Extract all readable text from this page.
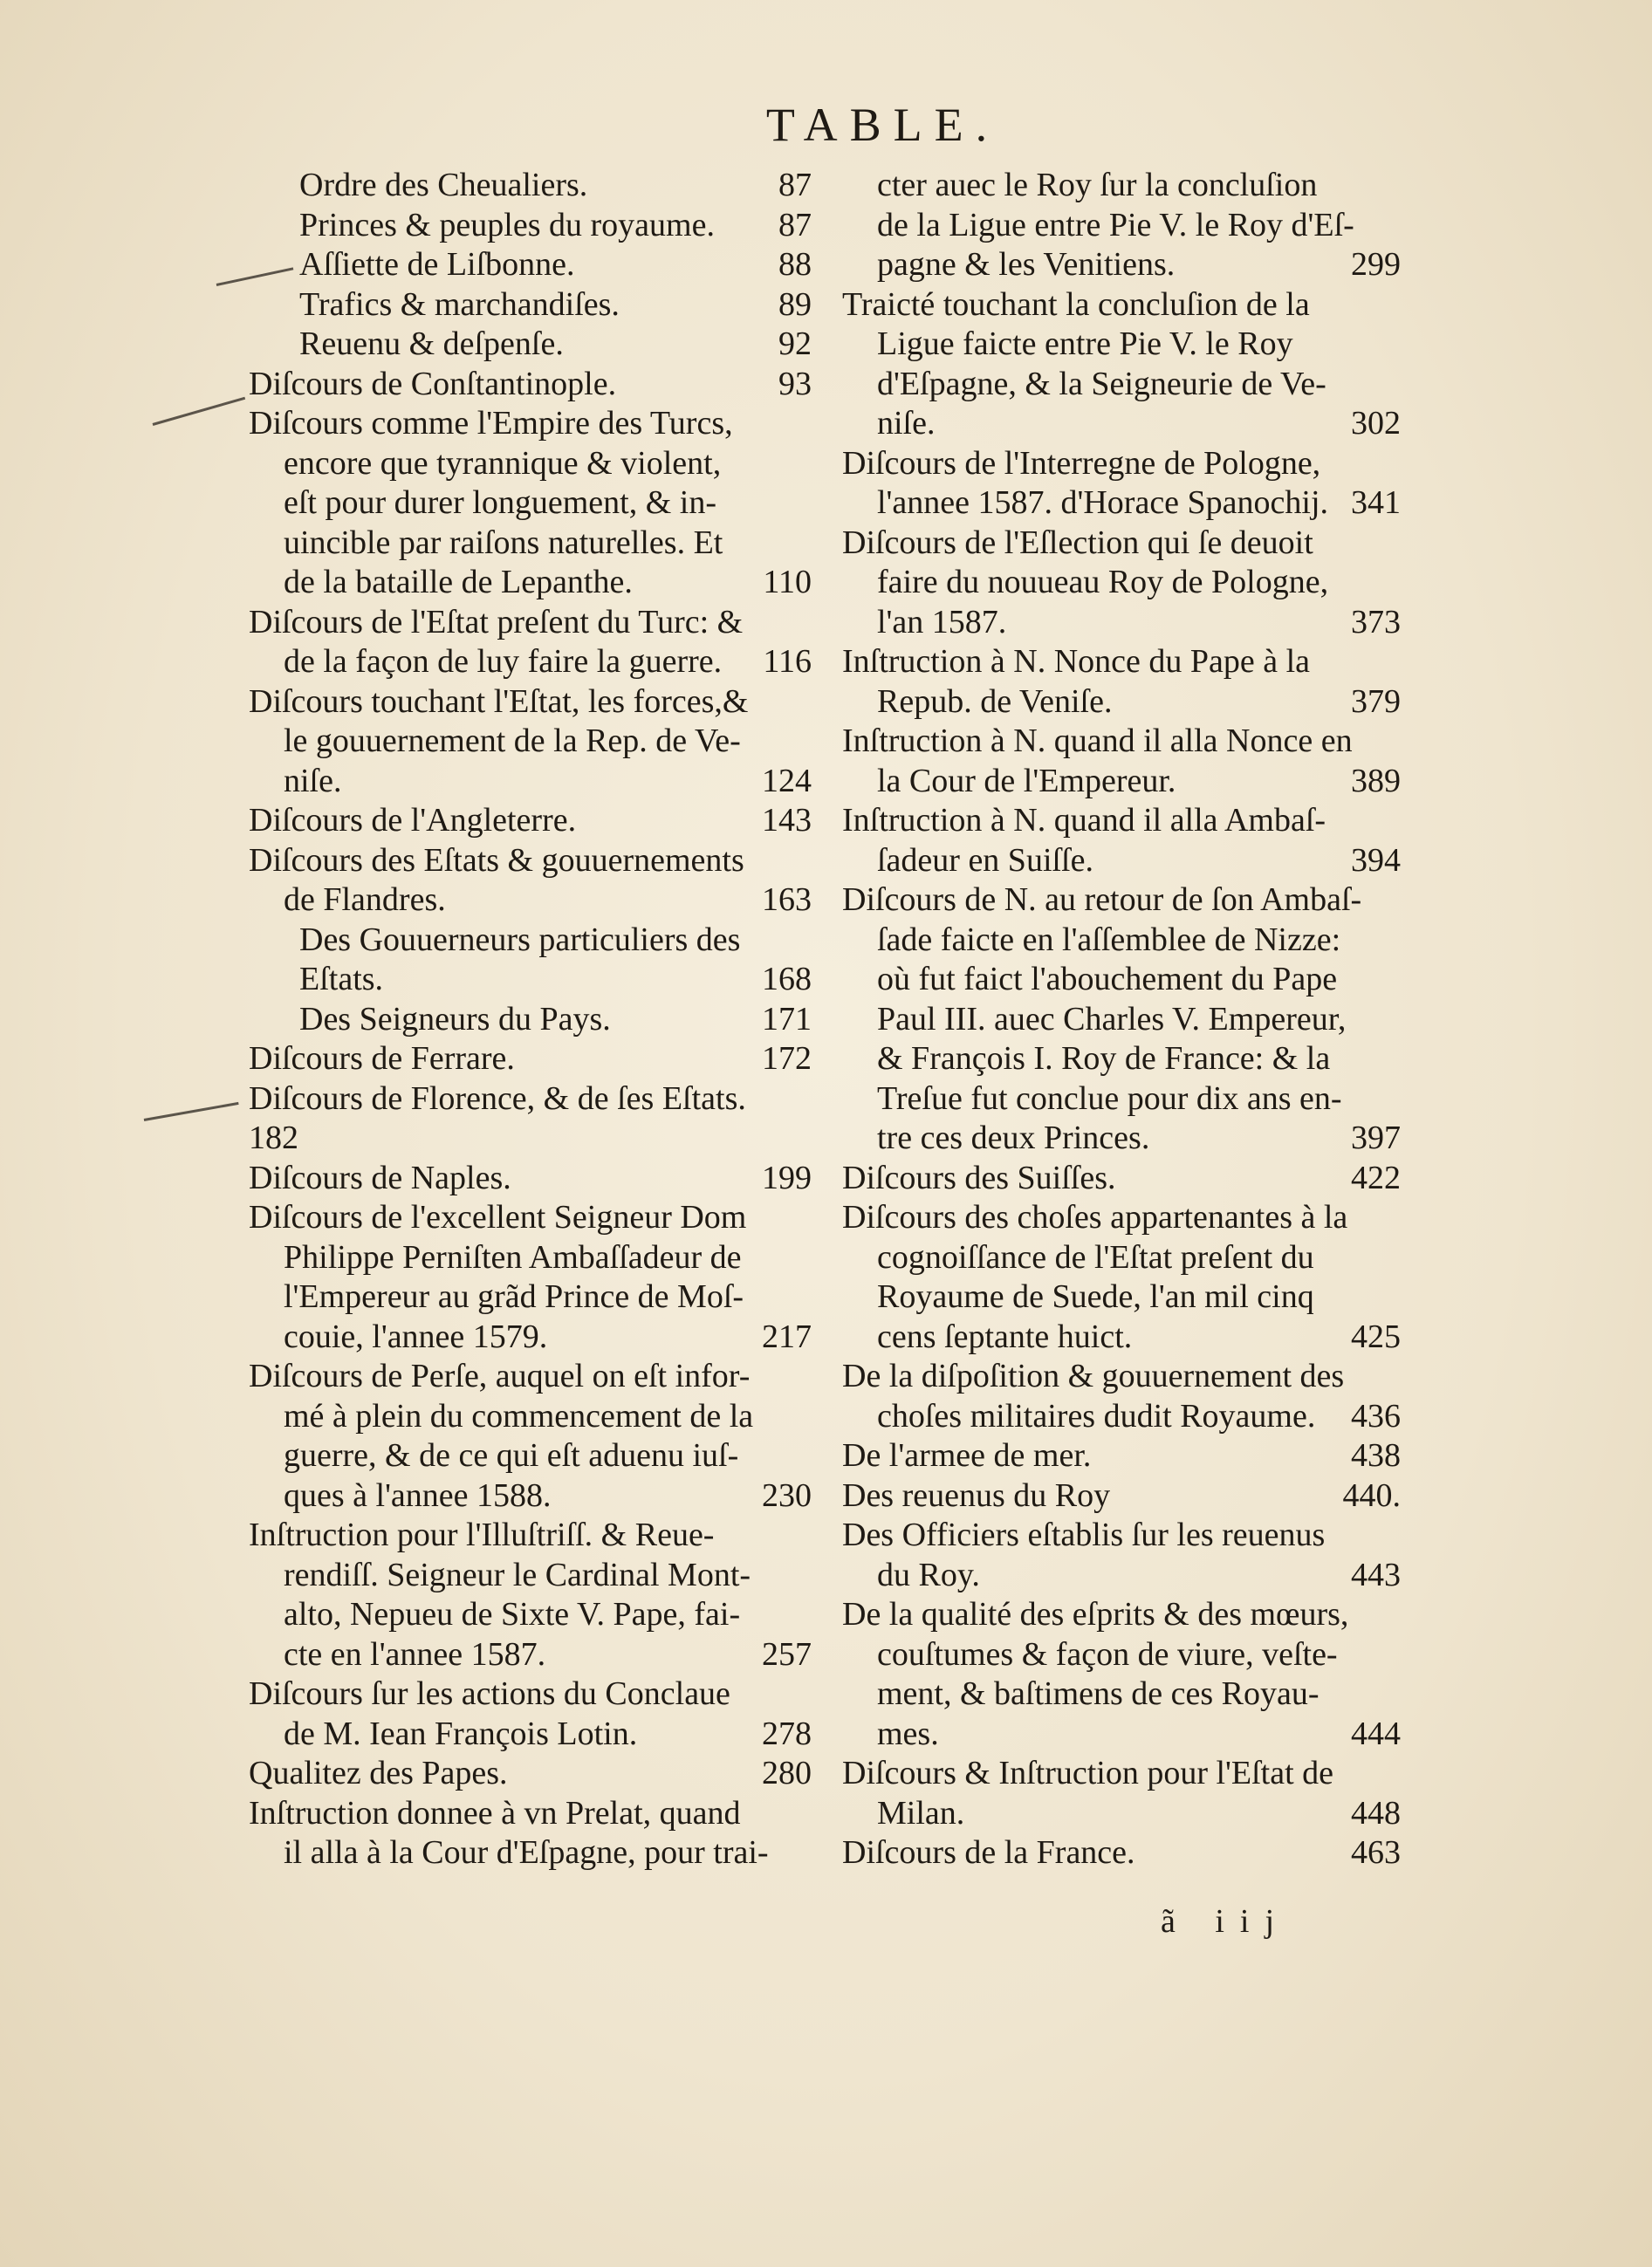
TABLE.
Ordre des Cheualiers.	87
Princes & peuples du royaume.	87
Aſſiette de Liſbonne.	88
Trafics & marchandiſes.	89
Reuenu & deſpenſe.	92
Diſcours de Conſtantinople.	93
Diſcours comme l'Empire des Turcs,
encore que tyrannique & violent,
eſt pour durer longuement, & in-
uincible par raiſons naturelles. Et
de la bataille de Lepanthe.	110
Diſcours de l'Eſtat preſent du Turc: &
de la façon de luy faire la guerre.	116
Diſcours touchant l'Eſtat, les forces,&
le gouuernement de la Rep. de Ve-
niſe.	124
Diſcours de l'Angleterre.	143
Diſcours des Eſtats & gouuernements
de Flandres.	163
Des Gouuerneurs particuliers des
Eſtats.	168
Des Seigneurs du Pays.	171
Diſcours de Ferrare.	172
Diſcours de Florence, & de ſes Eſtats.
182
Diſcours de Naples.	199
Diſcours de l'excellent Seigneur Dom
Philippe Perniſten Ambaſſadeur de
l'Empereur au grãd Prince de Moſ-
couie, l'annee 1579.	217
Diſcours de Perſe, auquel on eſt infor-
mé à plein du commencement de la
guerre, & de ce qui eſt aduenu iuſ-
ques à l'annee 1588.	230
Inſtruction pour l'Illuſtriſſ. & Reue-
rendiſſ. Seigneur le Cardinal Mont-
alto, Nepueu de Sixte V. Pape, fai-
cte en l'annee 1587.	257
Diſcours ſur les actions du Conclaue
de M. Iean François Lotin.	278
Qualitez des Papes.	280
Inſtruction donnee à vn Prelat, quand
il alla à la Cour d'Eſpagne, pour trai-
cter auec le Roy ſur la concluſion
de la Ligue entre Pie V. le Roy d'Eſ-
pagne & les Venitiens.	299
Traicté touchant la concluſion de la
Ligue faicte entre Pie V. le Roy
d'Eſpagne, & la Seigneurie de Ve-
niſe.	302
Diſcours de l'Interregne de Pologne,
l'annee 1587. d'Horace Spanochij. 341
Diſcours de l'Eſlection qui ſe deuoit
faire du nouueau Roy de Pologne,
l'an 1587.	373
Inſtruction à N. Nonce du Pape à la
Repub. de Veniſe.	379
Inſtruction à N. quand il alla Nonce en
la Cour de l'Empereur.	389
Inſtruction à N. quand il alla Ambaſ-
ſadeur en Suiſſe.	394
Diſcours de N. au retour de ſon Ambaſ-
ſade faicte en l'aſſemblee de Nizze:
où fut faict l'abouchement du Pape
Paul III. auec Charles V. Empereur,
& François I. Roy de France: & la
Treſue fut conclue pour dix ans en-
tre ces deux Princes.	397
Diſcours des Suiſſes.	422
Diſcours des choſes appartenantes à la
cognoiſſance de l'Eſtat preſent du
Royaume de Suede, l'an mil cinq
cens ſeptante huict.	425
De la diſpoſition & gouuernement des
choſes militaires dudit Royaume.	436
De l'armee de mer.	438
Des reuenus du Roy	440.
Des Officiers eſtablis ſur les reuenus
du Roy.	443
De la qualité des eſprits & des mœurs,
couſtumes & façon de viure, veſte-
ment, & baſtimens de ces Royau-
mes.	444
Diſcours & Inſtruction pour l'Eſtat de
Milan.	448
Diſcours de la France.	463
ã iij
